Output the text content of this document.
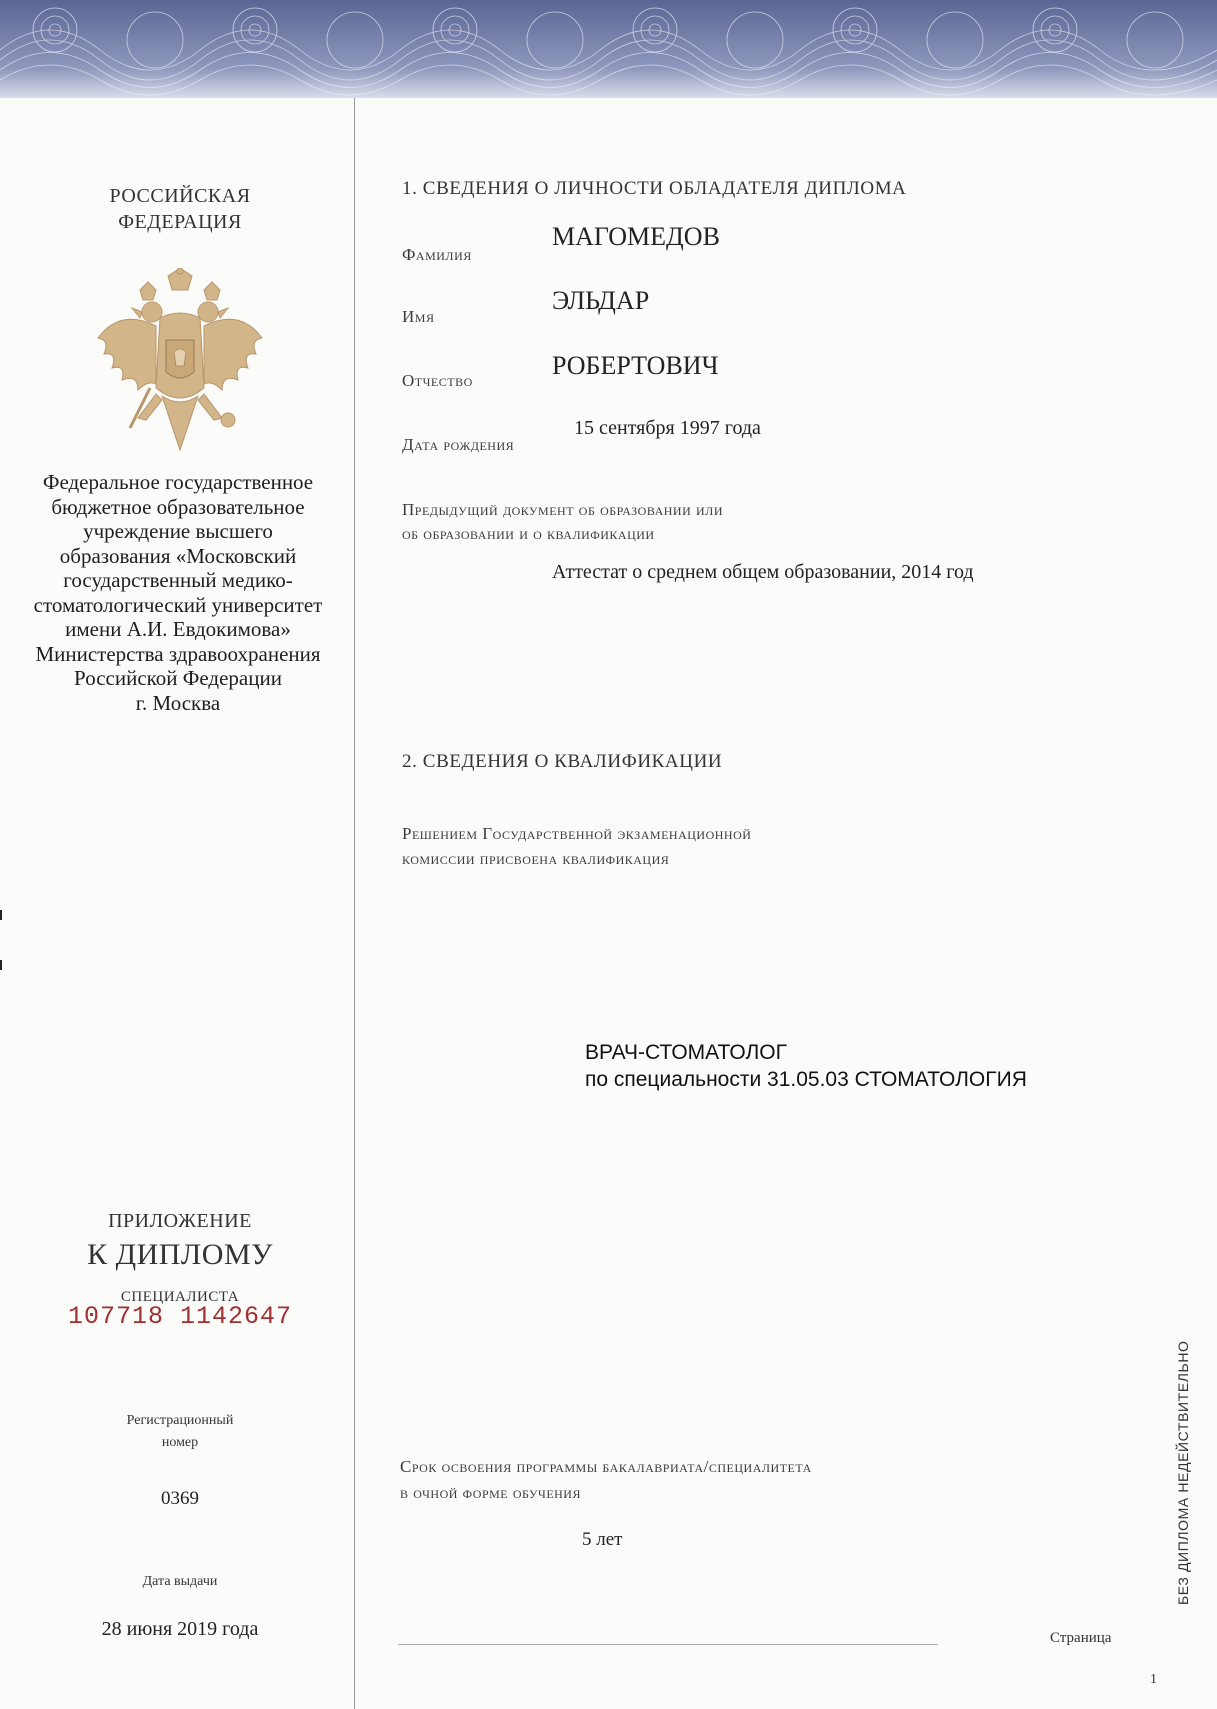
РОССИЙСКАЯ
ФЕДЕРАЦИЯ
Федеральное государственное
бюджетное образовательное
учреждение высшего
образования «Московский
государственный медико-
стоматологический университет
имени А.И. Евдокимова»
Министерства здравоохранения
Российской Федерации
г. Москва
ПРИЛОЖЕНИЕ
К ДИПЛОМУ
СПЕЦИАЛИСТА
107718 1142647
Регистрационный
номер
0369
Дата выдачи
28 июня 2019 года
1. СВЕДЕНИЯ О ЛИЧНОСТИ ОБЛАДАТЕЛЯ ДИПЛОМА
Фамилия
МАГОМЕДОВ
Имя
ЭЛЬДАР
Отчество
РОБЕРТОВИЧ
Дата рождения
15 сентября 1997 года
Предыдущий документ об образовании или
об образовании и о квалификации
Аттестат о среднем общем образовании, 2014 год
2. СВЕДЕНИЯ О КВАЛИФИКАЦИИ
Решением Государственной экзаменационной
комиссии присвоена квалификация
ВРАЧ-СТОМАТОЛОГ
по специальности 31.05.03 СТОМАТОЛОГИЯ
Срок освоения программы бакалавриата/специалитета
в очной форме обучения
5 лет
Страница
1
БЕЗ ДИПЛОМА НЕДЕЙСТВИТЕЛЬНО
